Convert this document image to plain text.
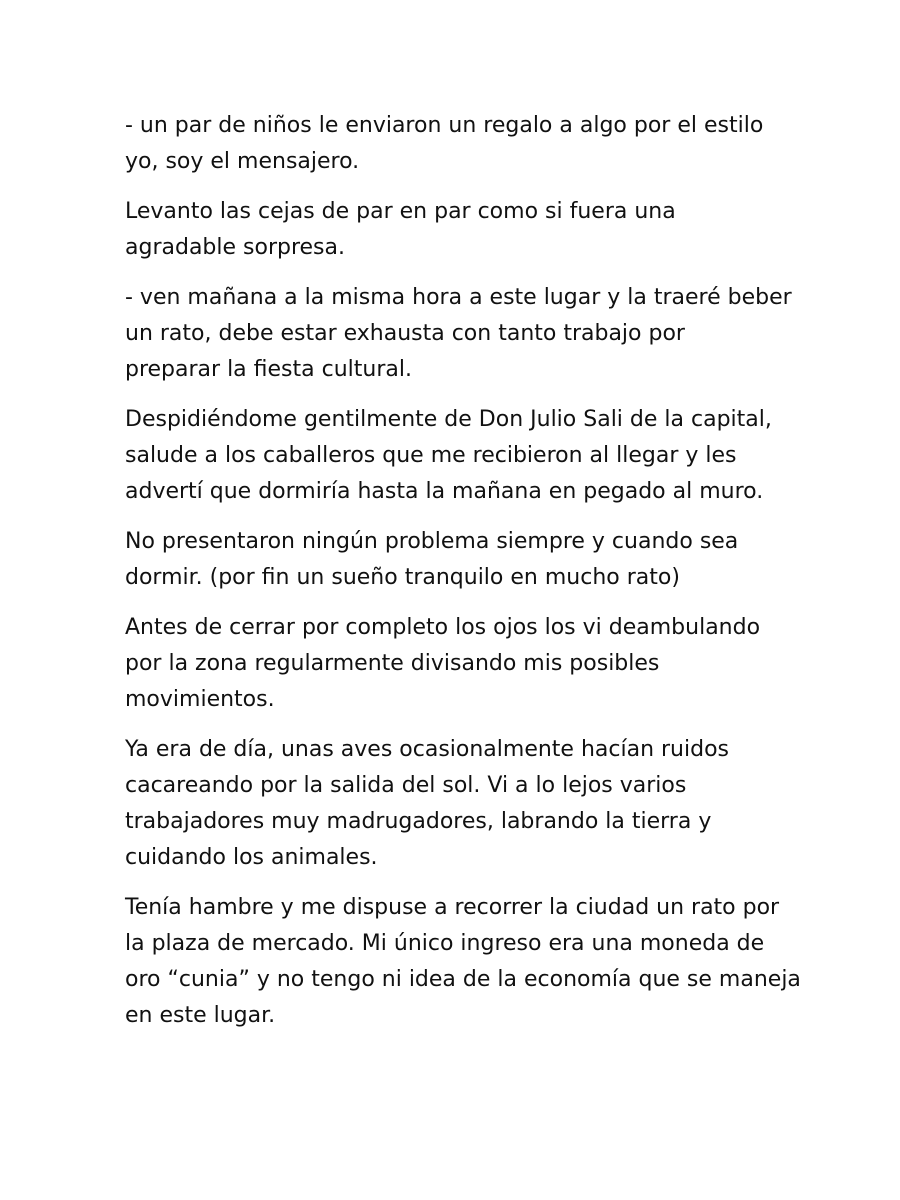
- un par de niños le enviaron un regalo a algo por el estilo
yo, soy el mensajero.

Levanto las cejas de par en par como si fuera una
agradable sorpresa.

- ven mañana a la misma hora a este lugar y la traeré beber
un rato, debe estar exhausta con tanto trabajo por
preparar la fiesta cultural.

Despidiéndome gentilmente de Don Julio Sali de la capital,
salude a los caballeros que me recibieron al llegar y les
advertí que dormiría hasta la mañana en pegado al muro.

No presentaron ningún problema siempre y cuando sea
dormir. (por fin un sueño tranquilo en mucho rato)

Antes de cerrar por completo los ojos los vi deambulando
por la zona regularmente divisando mis posibles
movimientos.

Ya era de día, unas aves ocasionalmente hacían ruidos
cacareando por la salida del sol. Vi a lo lejos varios
trabajadores muy madrugadores, labrando la tierra y
cuidando los animales.

Tenía hambre y me dispuse a recorrer la ciudad un rato por
la plaza de mercado. Mi único ingreso era una moneda de
oro “cunia” y no tengo ni idea de la economía que se maneja
en este lugar.
